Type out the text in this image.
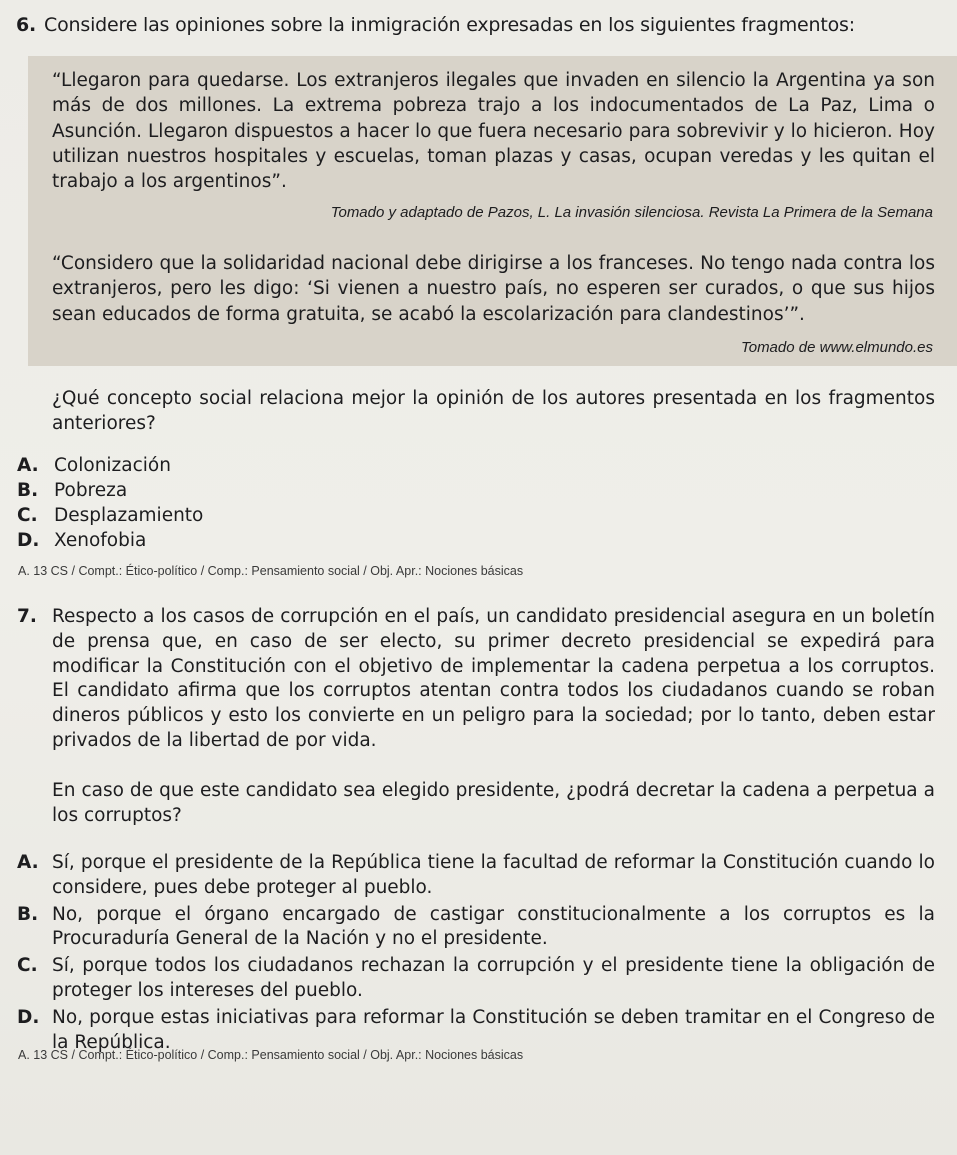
6. Considere las opiniones sobre la inmigración expresadas en los siguientes fragmentos:
“Llegaron para quedarse. Los extranjeros ilegales que invaden en silencio la Argentina ya son más de dos millones. La extrema pobreza trajo a los indocumentados de La Paz, Lima o Asunción. Llegaron dispuestos a hacer lo que fuera necesario para sobrevivir y lo hicieron. Hoy utilizan nuestros hospitales y escuelas, toman plazas y casas, ocupan veredas y les quitan el trabajo a los argentinos”.
Tomado y adaptado de Pazos, L. La invasión silenciosa. Revista La Primera de la Semana
“Considero que la solidaridad nacional debe dirigirse a los franceses. No tengo nada contra los extranjeros, pero les digo: ‘Si vienen a nuestro país, no esperen ser curados, o que sus hijos sean educados de forma gratuita, se acabó la escolarización para clandestinos’”.
Tomado de www.elmundo.es
¿Qué concepto social relaciona mejor la opinión de los autores presentada en los fragmentos anteriores?
A. Colonización
B. Pobreza
C. Desplazamiento
D. Xenofobia
A. 13 CS / Compt.: Ético-político / Comp.: Pensamiento social / Obj. Apr.: Nociones básicas
7. Respecto a los casos de corrupción en el país, un candidato presidencial asegura en un boletín de prensa que, en caso de ser electo, su primer decreto presidencial se expedirá para modificar la Constitución con el objetivo de implementar la cadena perpetua a los corruptos. El candidato afirma que los corruptos atentan contra todos los ciudadanos cuando se roban dineros públicos y esto los convierte en un peligro para la sociedad; por lo tanto, deben estar privados de la libertad de por vida.
En caso de que este candidato sea elegido presidente, ¿podrá decretar la cadena a perpetua a los corruptos?
A. Sí, porque el presidente de la República tiene la facultad de reformar la Constitución cuando lo considere, pues debe proteger al pueblo.
B. No, porque el órgano encargado de castigar constitucionalmente a los corruptos es la Procuraduría General de la Nación y no el presidente.
C. Sí, porque todos los ciudadanos rechazan la corrupción y el presidente tiene la obligación de proteger los intereses del pueblo.
D. No, porque estas iniciativas para reformar la Constitución se deben tramitar en el Congreso de la República.
A. 13 CS / Compt.: Ético-político / Comp.: Pensamiento social / Obj. Apr.: Nociones básicas
